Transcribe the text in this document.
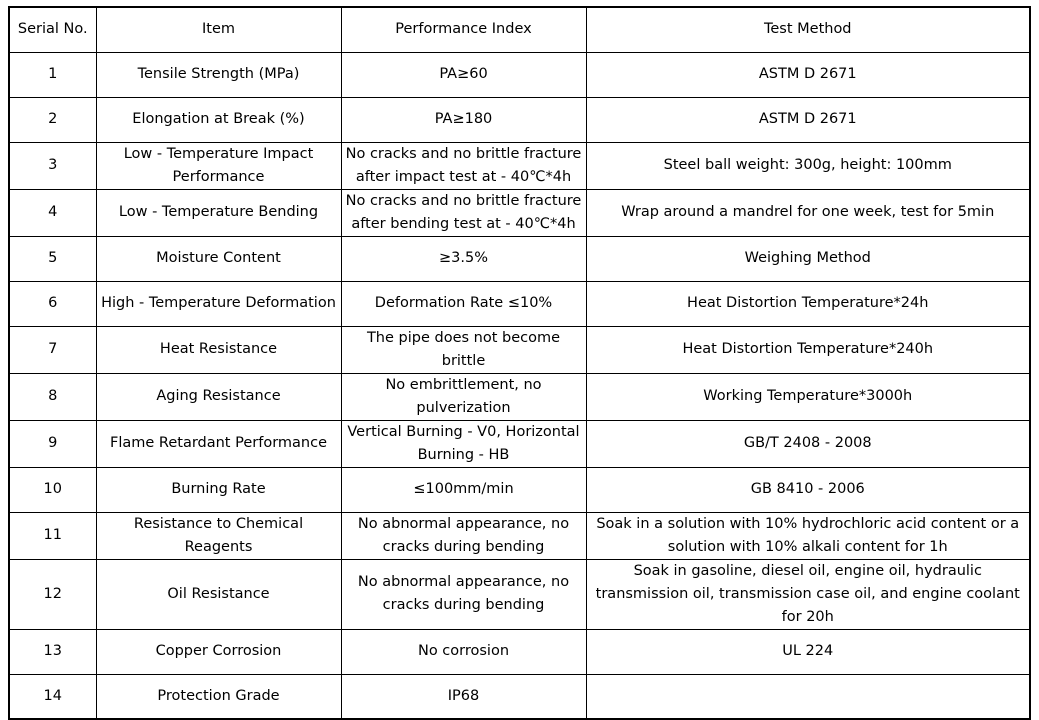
Serial No.	Item	Performance Index	Test Method
1	Tensile Strength (MPa)	PA≥60	ASTM D 2671
2	Elongation at Break (%)	PA≥180	ASTM D 2671
3	Low - Temperature Impact Performance	No cracks and no brittle fracture after impact test at - 40℃*4h	Steel ball weight: 300g, height: 100mm
4	Low - Temperature Bending	No cracks and no brittle fracture after bending test at - 40℃*4h	Wrap around a mandrel for one week, test for 5min
5	Moisture Content	≥3.5%	Weighing Method
6	High - Temperature Deformation	Deformation Rate ≤10%	Heat Distortion Temperature*24h
7	Heat Resistance	The pipe does not become brittle	Heat Distortion Temperature*240h
8	Aging Resistance	No embrittlement, no pulverization	Working Temperature*3000h
9	Flame Retardant Performance	Vertical Burning - V0, Horizontal Burning - HB	GB/T 2408 - 2008
10	Burning Rate	≤100mm/min	GB 8410 - 2006
11	Resistance to Chemical Reagents	No abnormal appearance, no cracks during bending	Soak in a solution with 10% hydrochloric acid content or a solution with 10% alkali content for 1h
12	Oil Resistance	No abnormal appearance, no cracks during bending	Soak in gasoline, diesel oil, engine oil, hydraulic transmission oil, transmission case oil, and engine coolant for 20h
13	Copper Corrosion	No corrosion	UL 224
14	Protection Grade	IP68	
